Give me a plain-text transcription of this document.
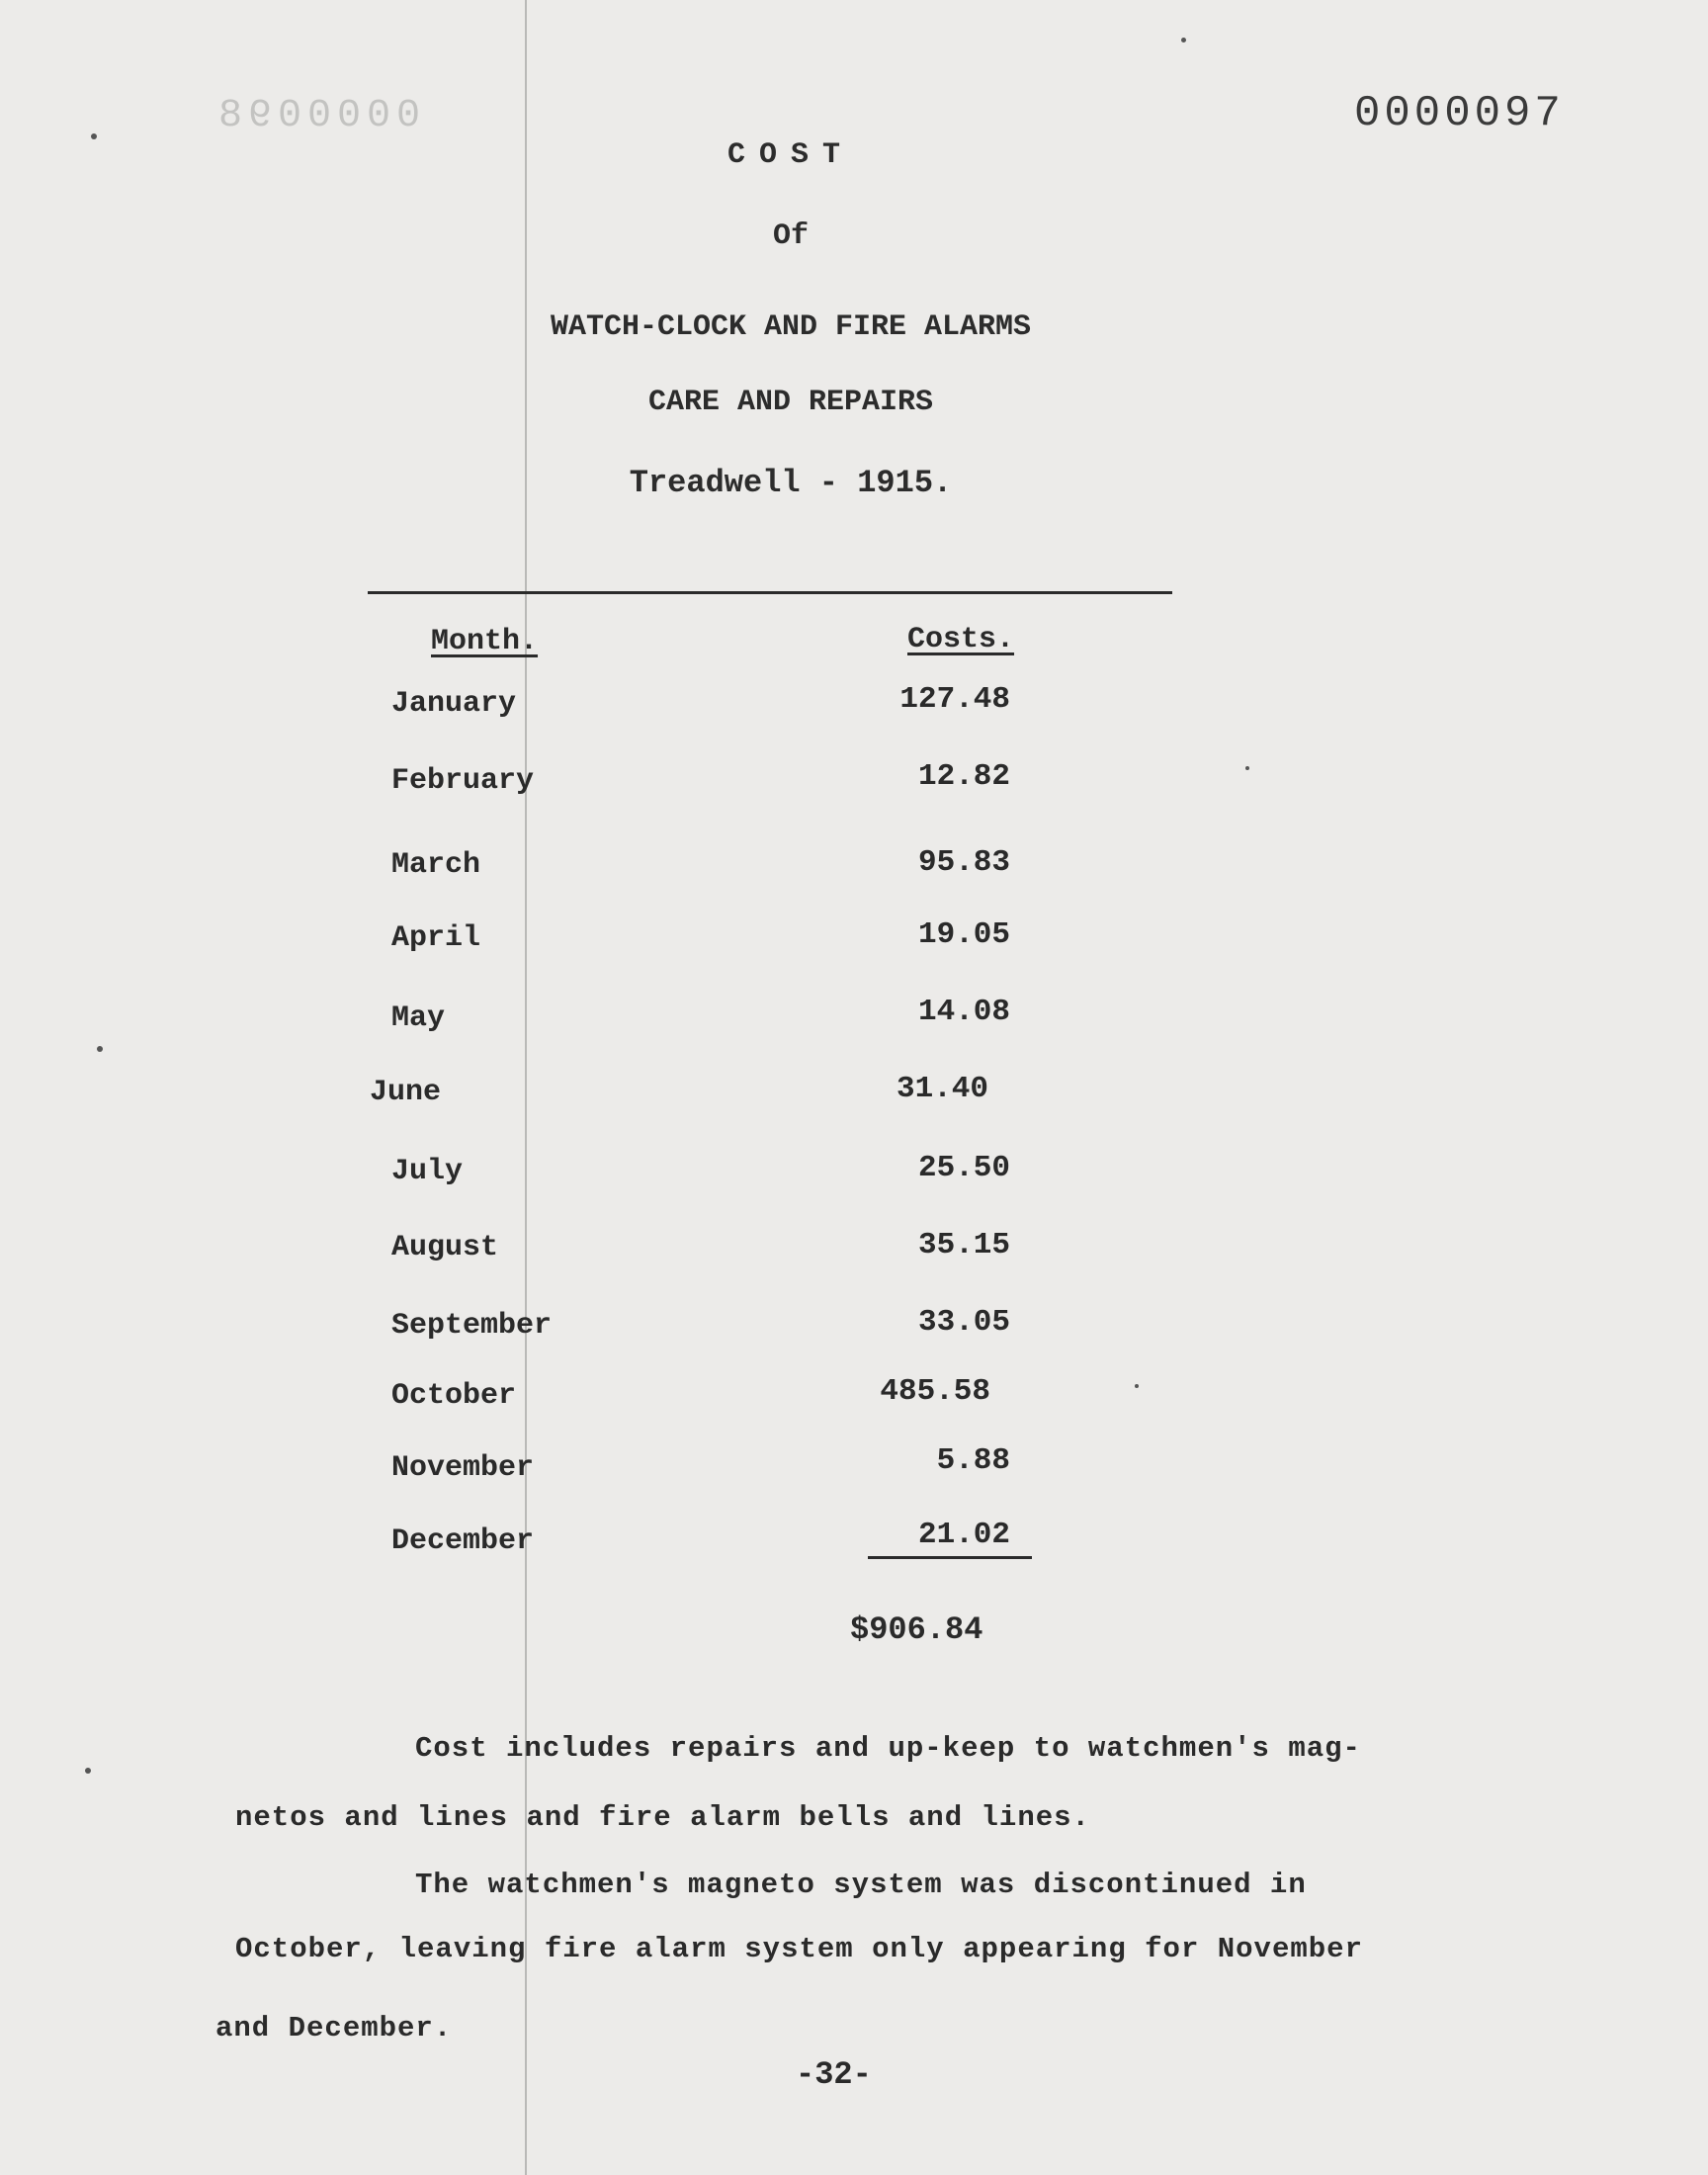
0000098	0000097
COST
Of
WATCH-CLOCK AND FIRE ALARMS
CARE AND REPAIRS
Treadwell - 1915.
Month.	Costs.
January	127.48
February	12.82
March	95.83
April	19.05
May	14.08
June	31.40
July	25.50
August	35.15
September	33.05
October	485.58
November	5.88
December	21.02
$906.84
Cost includes repairs and up-keep to watchmen's mag-
netos and lines and fire alarm bells and lines.
The watchmen's magneto system was discontinued in
October, leaving fire alarm system only appearing for November
and December.
-32-
